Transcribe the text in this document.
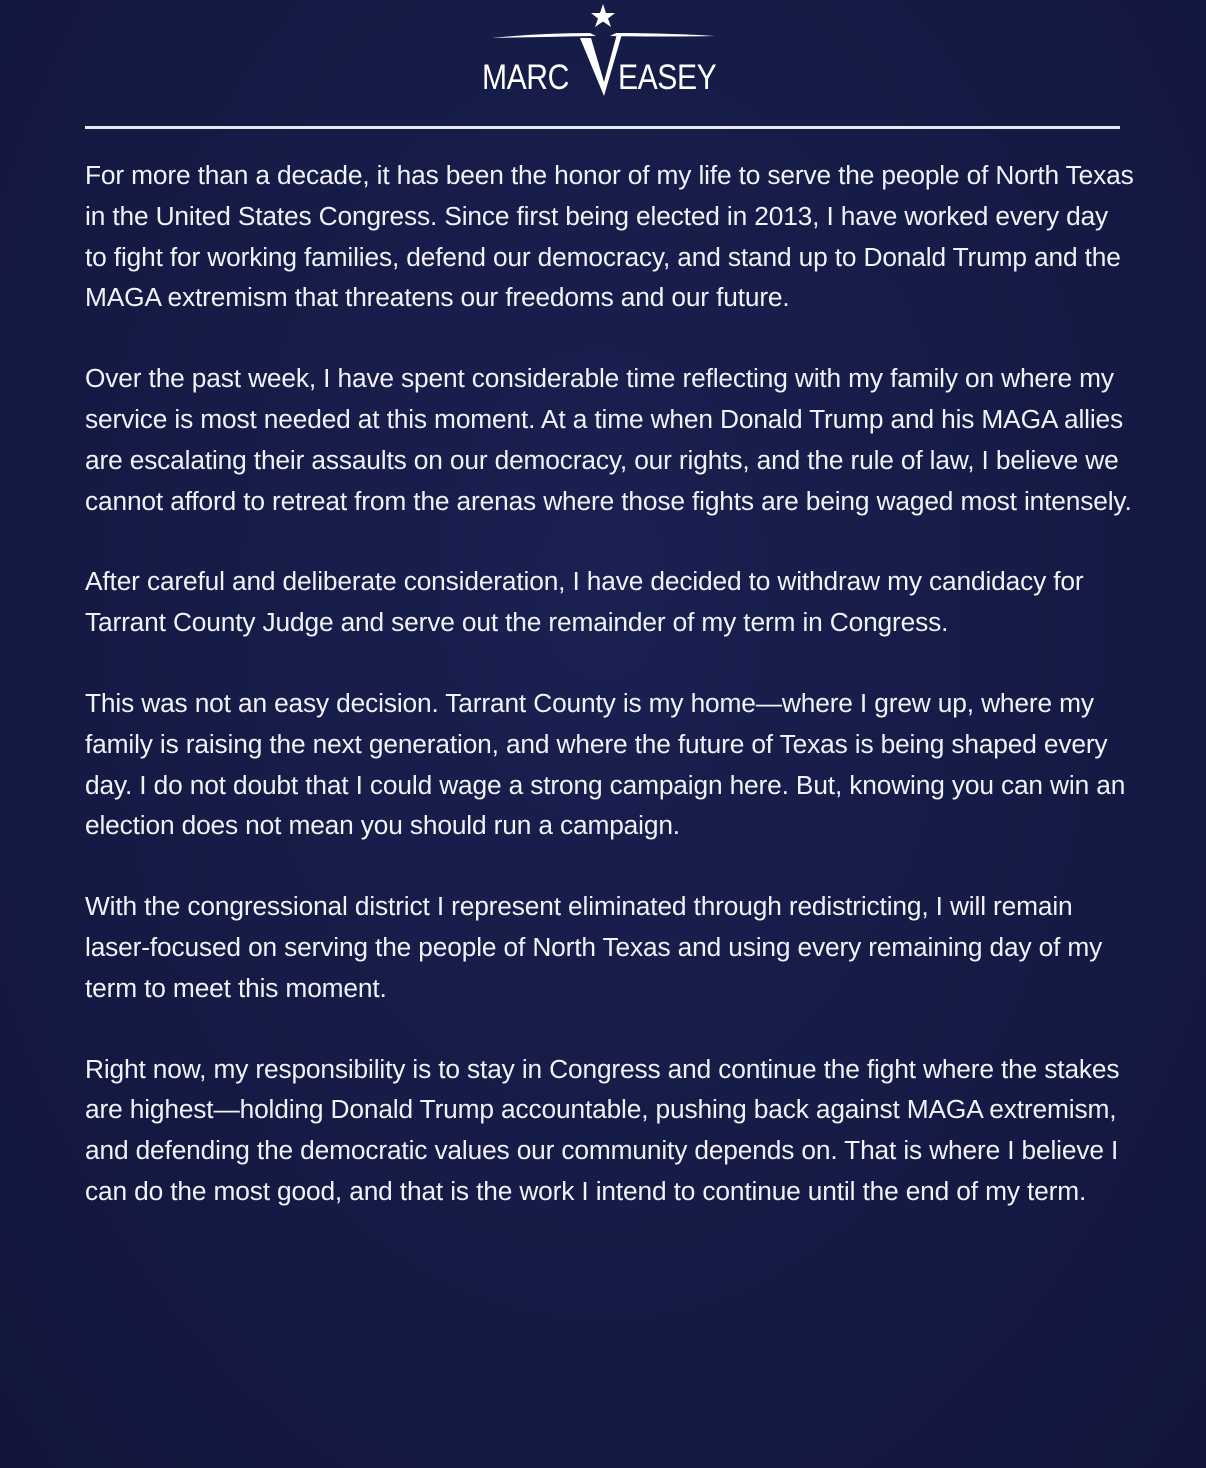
MARC EASEY

For more than a decade, it has been the honor of my life to serve the people of North Texas in the United States Congress. Since first being elected in 2013, I have worked every day to fight for working families, defend our democracy, and stand up to Donald Trump and the MAGA extremism that threatens our freedoms and our future.

Over the past week, I have spent considerable time reflecting with my family on where my service is most needed at this moment. At a time when Donald Trump and his MAGA allies are escalating their assaults on our democracy, our rights, and the rule of law, I believe we cannot afford to retreat from the arenas where those fights are being waged most intensely.

After careful and deliberate consideration, I have decided to withdraw my candidacy for Tarrant County Judge and serve out the remainder of my term in Congress.

This was not an easy decision. Tarrant County is my home—where I grew up, where my family is raising the next generation, and where the future of Texas is being shaped every day. I do not doubt that I could wage a strong campaign here. But, knowing you can win an election does not mean you should run a campaign.

With the congressional district I represent eliminated through redistricting, I will remain laser-focused on serving the people of North Texas and using every remaining day of my term to meet this moment.

Right now, my responsibility is to stay in Congress and continue the fight where the stakes are highest—holding Donald Trump accountable, pushing back against MAGA extremism, and defending the democratic values our community depends on. That is where I believe I can do the most good, and that is the work I intend to continue until the end of my term.
